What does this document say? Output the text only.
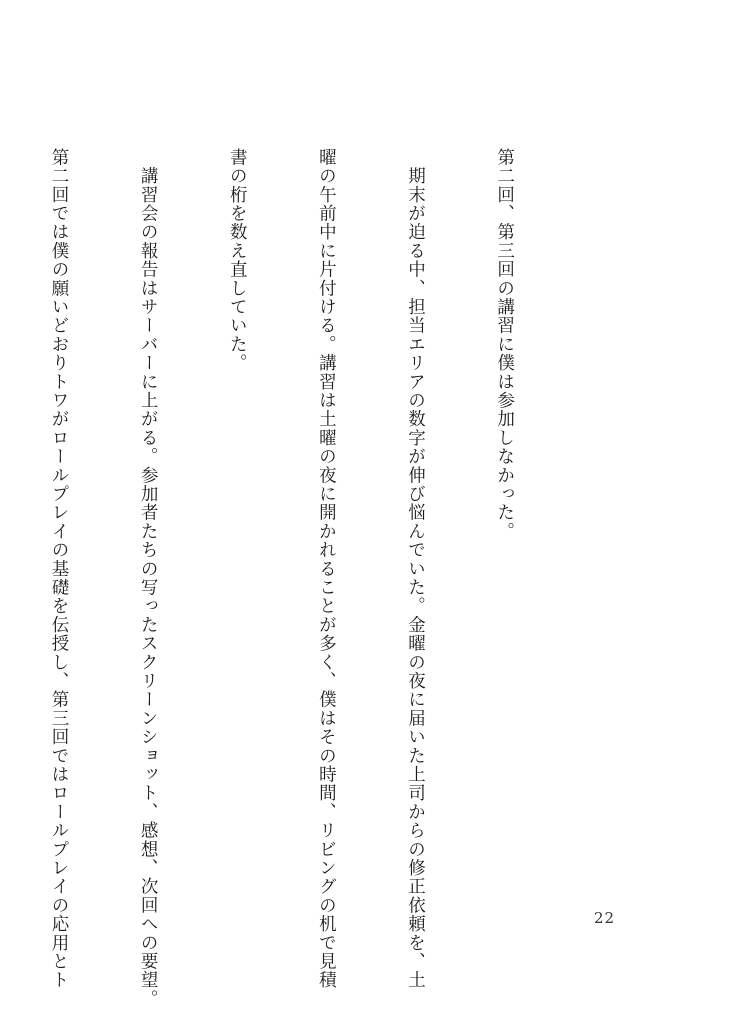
第二回、第三回の講習に僕は参加しなかった。

　期末が迫る中、担当エリアの数字が伸び悩んでいた。金曜の夜に届いた上司からの修正依頼を、土

曜の午前中に片付ける。講習は土曜の夜に開かれることが多く、僕はその時間、リビングの机で見積

書の桁を数え直していた。

　講習会の報告はサーバーに上がる。参加者たちの写ったスクリーンショット、感想、次回への要望。

第二回では僕の願いどおりトワがロールプレイの基礎を伝授し、第三回ではロールプレイの応用とト

	22
